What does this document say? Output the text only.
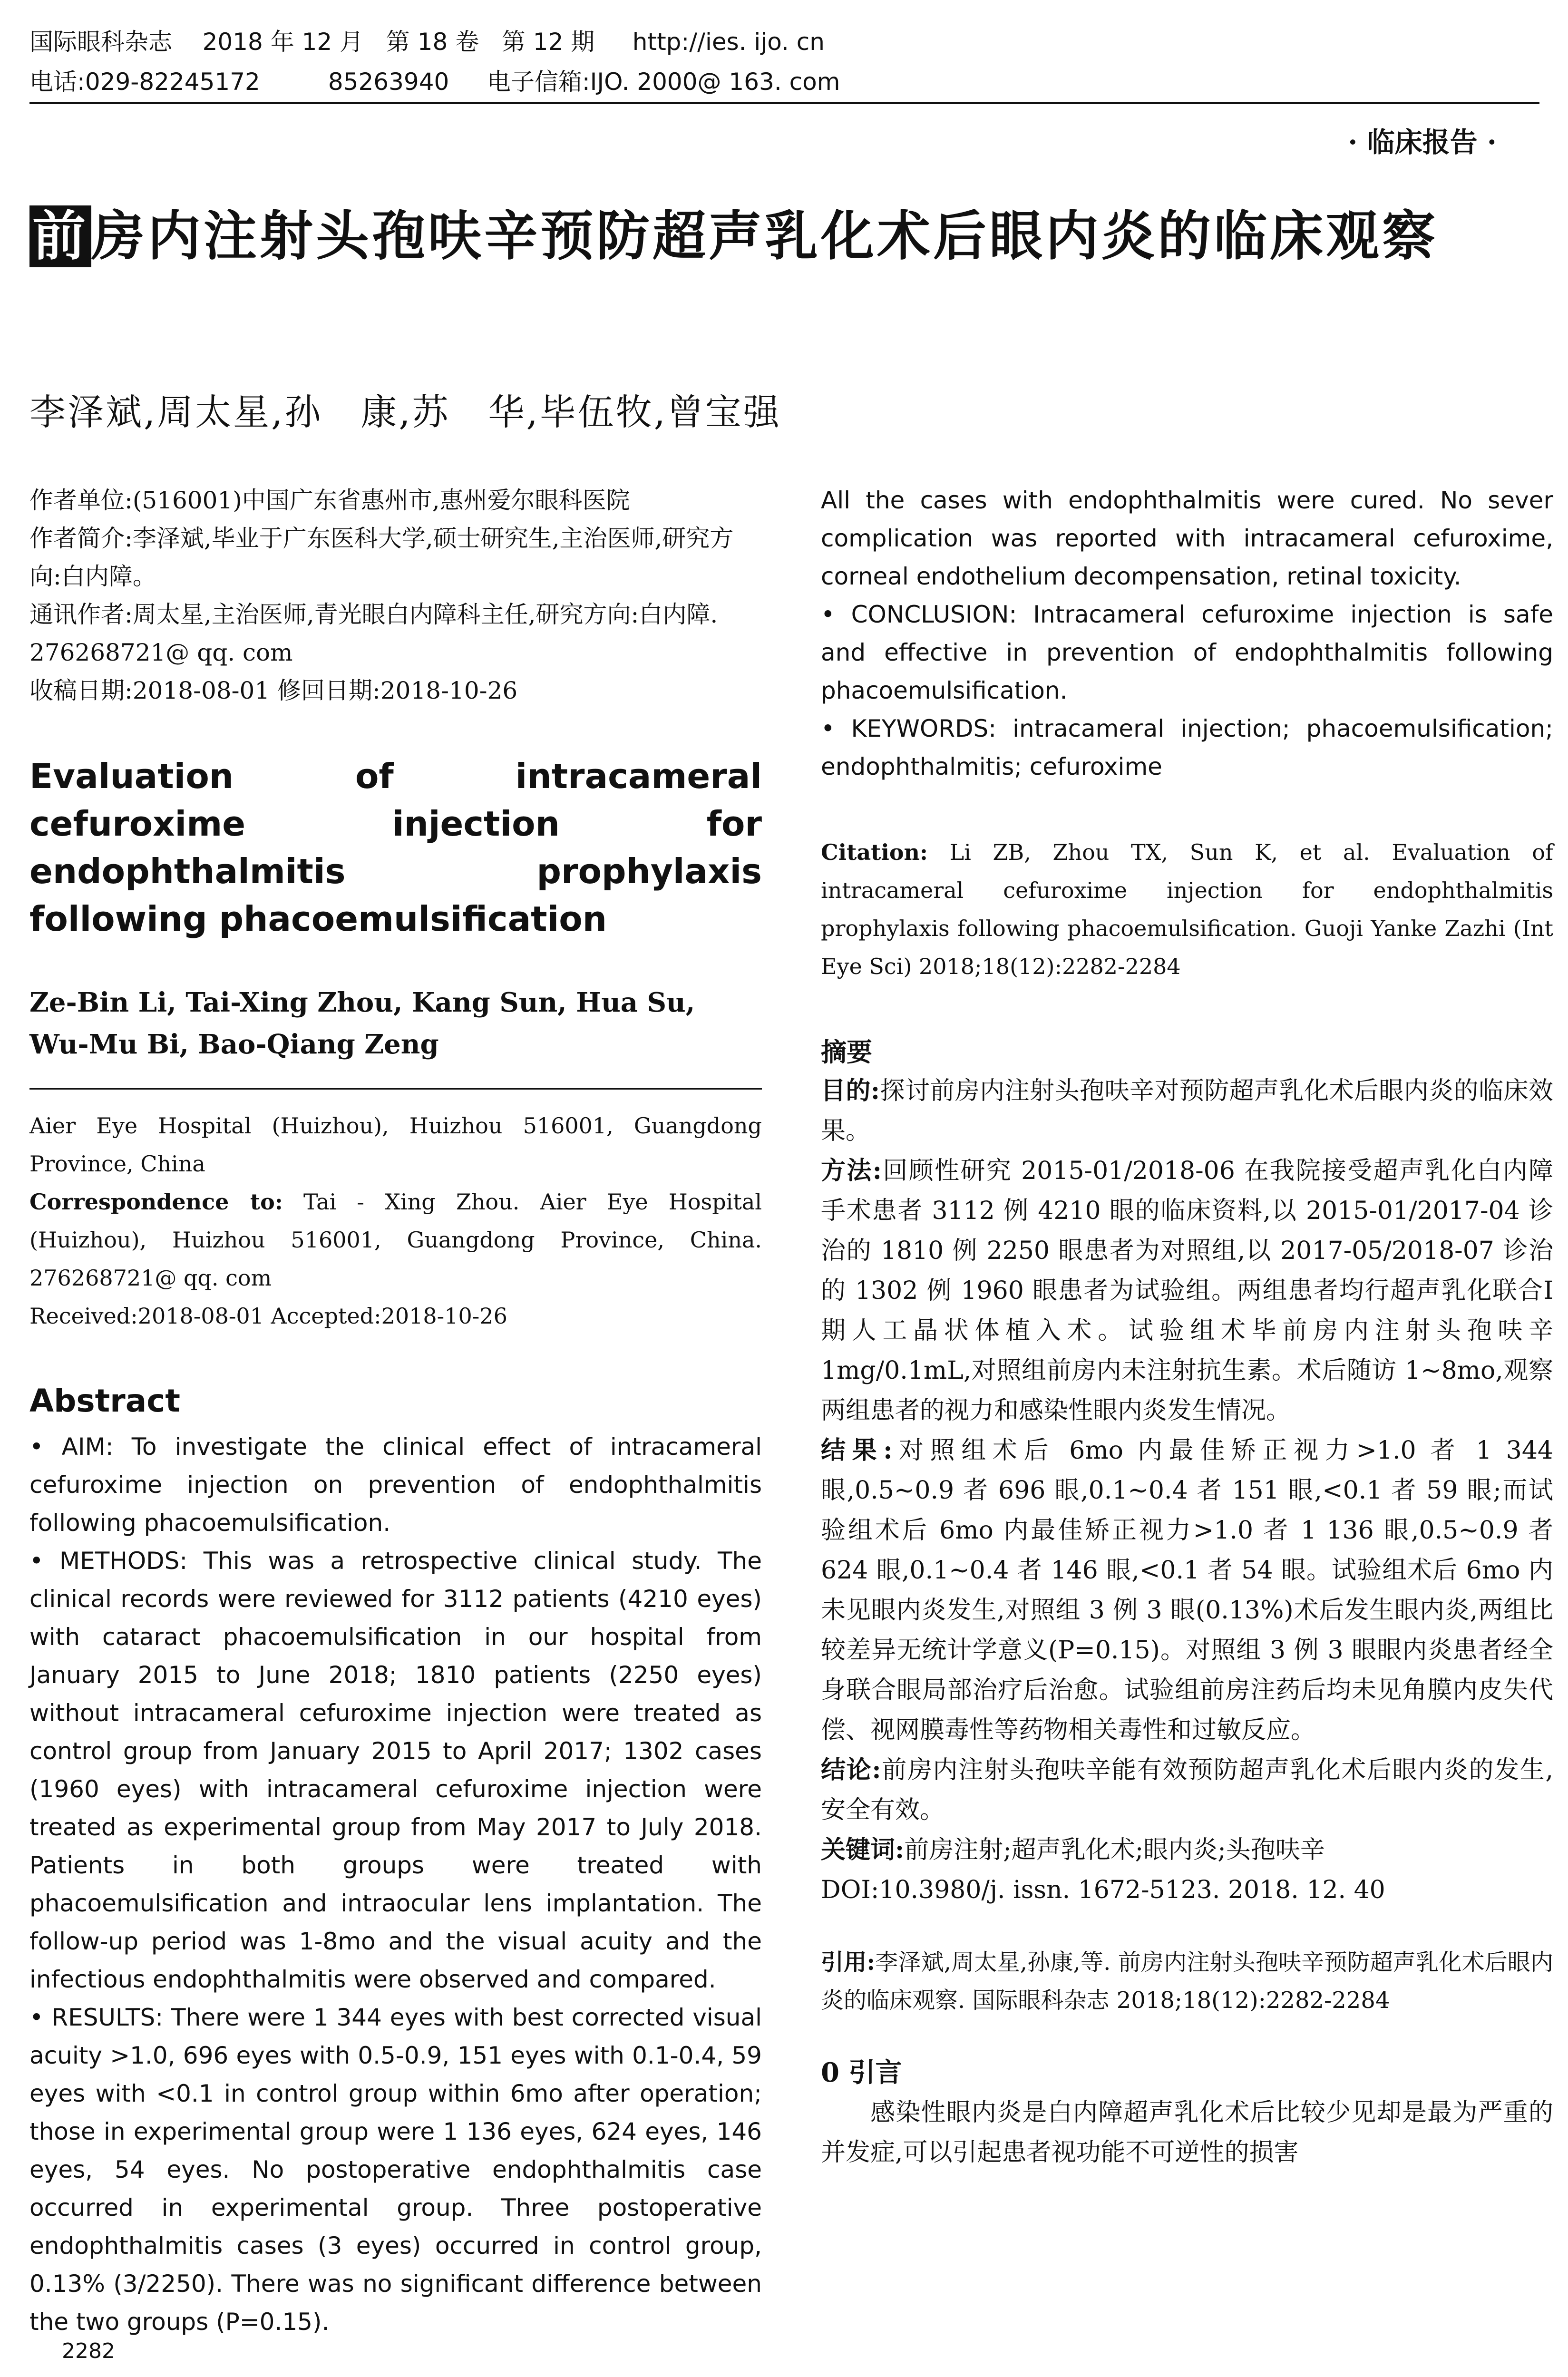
国际眼科杂志    2018 年 12 月   第 18 卷   第 12 期     http://ies. ijo. cn
电话:029-82245172         85263940     电子信箱:IJO. 2000@ 163. com
· 临床报告 ·
前房内注射头孢呋辛预防超声乳化术后眼内炎的临床观察
李泽斌,周太星,孙　康,苏　华,毕伍牧,曾宝强

作者单位:(516001)中国广东省惠州市,惠州爱尔眼科医院

作者简介:李泽斌,毕业于广东医科大学,硕士研究生,主治医师,研究方向:白内障。

通讯作者:周太星,主治医师,青光眼白内障科主任,研究方向:白内障. 276268721@ qq. com

收稿日期:2018-08-01 修回日期:2018-10-26

Evaluation of intracameral cefuroxime injection for endophthalmitis prophylaxis following phacoemulsification

Ze-Bin Li, Tai-Xing Zhou, Kang Sun, Hua Su, Wu-Mu Bi, Bao-Qiang Zeng

Aier Eye Hospital (Huizhou), Huizhou 516001, Guangdong Province, China

Correspondence to: Tai - Xing Zhou. Aier Eye Hospital (Huizhou), Huizhou 516001, Guangdong Province, China. 276268721@ qq. com

Received:2018-08-01 Accepted:2018-10-26

Abstract

• AIM: To investigate the clinical effect of intracameral cefuroxime injection on prevention of endophthalmitis following phacoemulsification.

• METHODS: This was a retrospective clinical study. The clinical records were reviewed for 3112 patients (4210 eyes) with cataract phacoemulsification in our hospital from January 2015 to June 2018; 1810 patients (2250 eyes) without intracameral cefuroxime injection were treated as control group from January 2015 to April 2017; 1302 cases (1960 eyes) with intracameral cefuroxime injection were treated as experimental group from May 2017 to July 2018. Patients in both groups were treated with phacoemulsification and intraocular lens implantation. The follow-up period was 1-8mo and the visual acuity and the infectious endophthalmitis were observed and compared.

• RESULTS: There were 1 344 eyes with best corrected visual acuity >1.0, 696 eyes with 0.5-0.9, 151 eyes with 0.1-0.4, 59 eyes with <0.1 in control group within 6mo after operation; those in experimental group were 1 136 eyes, 624 eyes, 146 eyes, 54 eyes. No postoperative endophthalmitis case occurred in experimental group. Three postoperative endophthalmitis cases (3 eyes) occurred in control group, 0.13% (3/2250). There was no significant difference between the two groups (P=0.15).

All the cases with endophthalmitis were cured. No sever complication was reported with intracameral cefuroxime, corneal endothelium decompensation, retinal toxicity.

• CONCLUSION: Intracameral cefuroxime injection is safe and effective in prevention of endophthalmitis following phacoemulsification.

• KEYWORDS: intracameral injection; phacoemulsification; endophthalmitis; cefuroxime

Citation: Li ZB, Zhou TX, Sun K, et al. Evaluation of intracameral cefuroxime injection for endophthalmitis prophylaxis following phacoemulsification. Guoji Yanke Zazhi (Int Eye Sci) 2018;18(12):2282-2284

摘要

目的:探讨前房内注射头孢呋辛对预防超声乳化术后眼内炎的临床效果。

方法:回顾性研究 2015-01/2018-06 在我院接受超声乳化白内障手术患者 3112 例 4210 眼的临床资料,以 2015-01/2017-04 诊治的 1810 例 2250 眼患者为对照组,以 2017-05/2018-07 诊治的 1302 例 1960 眼患者为试验组。两组患者均行超声乳化联合Ⅰ期人工晶状体植入术。试验组术毕前房内注射头孢呋辛 1mg/0.1mL,对照组前房内未注射抗生素。术后随访 1~8mo,观察两组患者的视力和感染性眼内炎发生情况。

结果:对照组术后 6mo 内最佳矫正视力>1.0 者 1 344 眼,0.5~0.9 者 696 眼,0.1~0.4 者 151 眼,<0.1 者 59 眼;而试验组术后 6mo 内最佳矫正视力>1.0 者 1 136 眼,0.5~0.9 者 624 眼,0.1~0.4 者 146 眼,<0.1 者 54 眼。试验组术后 6mo 内未见眼内炎发生,对照组 3 例 3 眼(0.13%)术后发生眼内炎,两组比较差异无统计学意义(P=0.15)。对照组 3 例 3 眼眼内炎患者经全身联合眼局部治疗后治愈。试验组前房注药后均未见角膜内皮失代偿、视网膜毒性等药物相关毒性和过敏反应。

结论:前房内注射头孢呋辛能有效预防超声乳化术后眼内炎的发生,安全有效。

关键词:前房注射;超声乳化术;眼内炎;头孢呋辛

DOI:10.3980/j. issn. 1672-5123. 2018. 12. 40

引用:李泽斌,周太星,孙康,等. 前房内注射头孢呋辛预防超声乳化术后眼内炎的临床观察. 国际眼科杂志 2018;18(12):2282-2284

0 引言

感染性眼内炎是白内障超声乳化术后比较少见却是最为严重的并发症,可以引起患者视功能不可逆性的损害

2282
